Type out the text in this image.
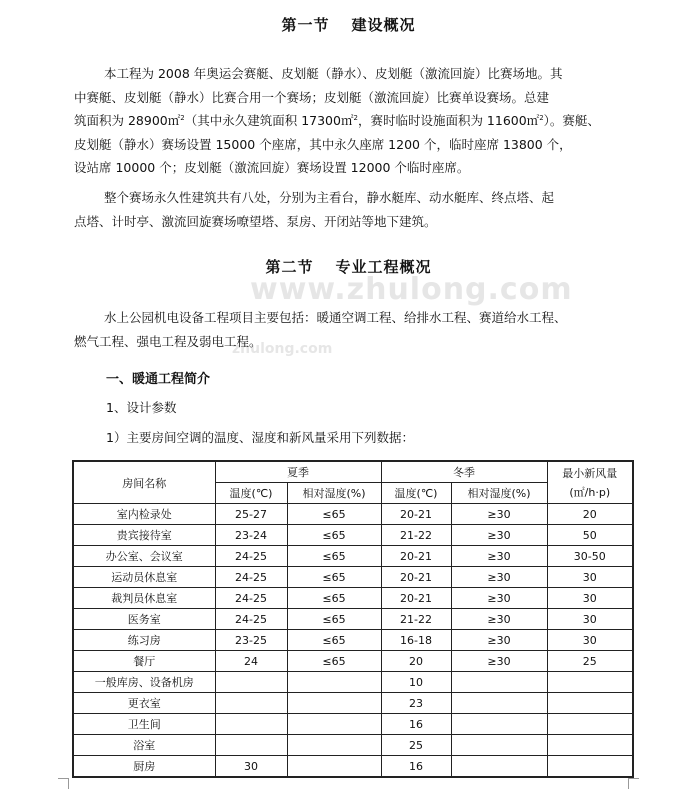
第一节 建设概况
本工程为 2008 年奥运会赛艇、皮划艇（静水）、皮划艇（激流回旋）比赛场地。其
中赛艇、皮划艇（静水）比赛合用一个赛场；皮划艇（激流回旋）比赛单设赛场。总建
筑面积为 28900㎡$^2$（其中永久建筑面积 17300㎡$^2$，赛时临时设施面积为 11600㎡$^2$）。赛艇、
皮划艇（静水）赛场设置 15000 个座席，其中永久座席 1200 个，临时座席 13800 个，
设站席 10000 个；皮划艇（激流回旋）赛场设置 12000 个临时座席。
整个赛场永久性建筑共有八处，分别为主看台，静水艇库、动水艇库、终点塔、起
点塔、计时亭、激流回旋赛场嘹望塔、泵房、开闭站等地下建筑。
第二节 专业工程概况
www.zhulong.com
zhulong.com
水上公园机电设备工程项目主要包括：暖通空调工程、给排水工程、赛道给水工程、
燃气工程、强电工程及弱电工程。
一、暖通工程简介
1、设计参数
1）主要房间空调的温度、湿度和新风量采用下列数据：
房间名称	夏季		冬季		最小新风量
(㎡/h·p)

	温度(℃)	相对湿度(%)	温度(℃)	相对湿度(%)	
室内检录处	25-27	≤65	20-21	≥30	20
贵宾接待室	23-24	≤65	21-22	≥30	50
办公室、会议室	24-25	≤65	20-21	≥30	30-50
运动员休息室	24-25	≤65	20-21	≥30	30
裁判员休息室	24-25	≤65	20-21	≥30	30
医务室	24-25	≤65	21-22	≥30	30
练习房	23-25	≤65	16-18	≥30	30
餐厅	24	≤65	20	≥30	25
一般库房、设备机房			10		
更衣室			23		
卫生间			16		
浴室			25		
厨房	30		16		
